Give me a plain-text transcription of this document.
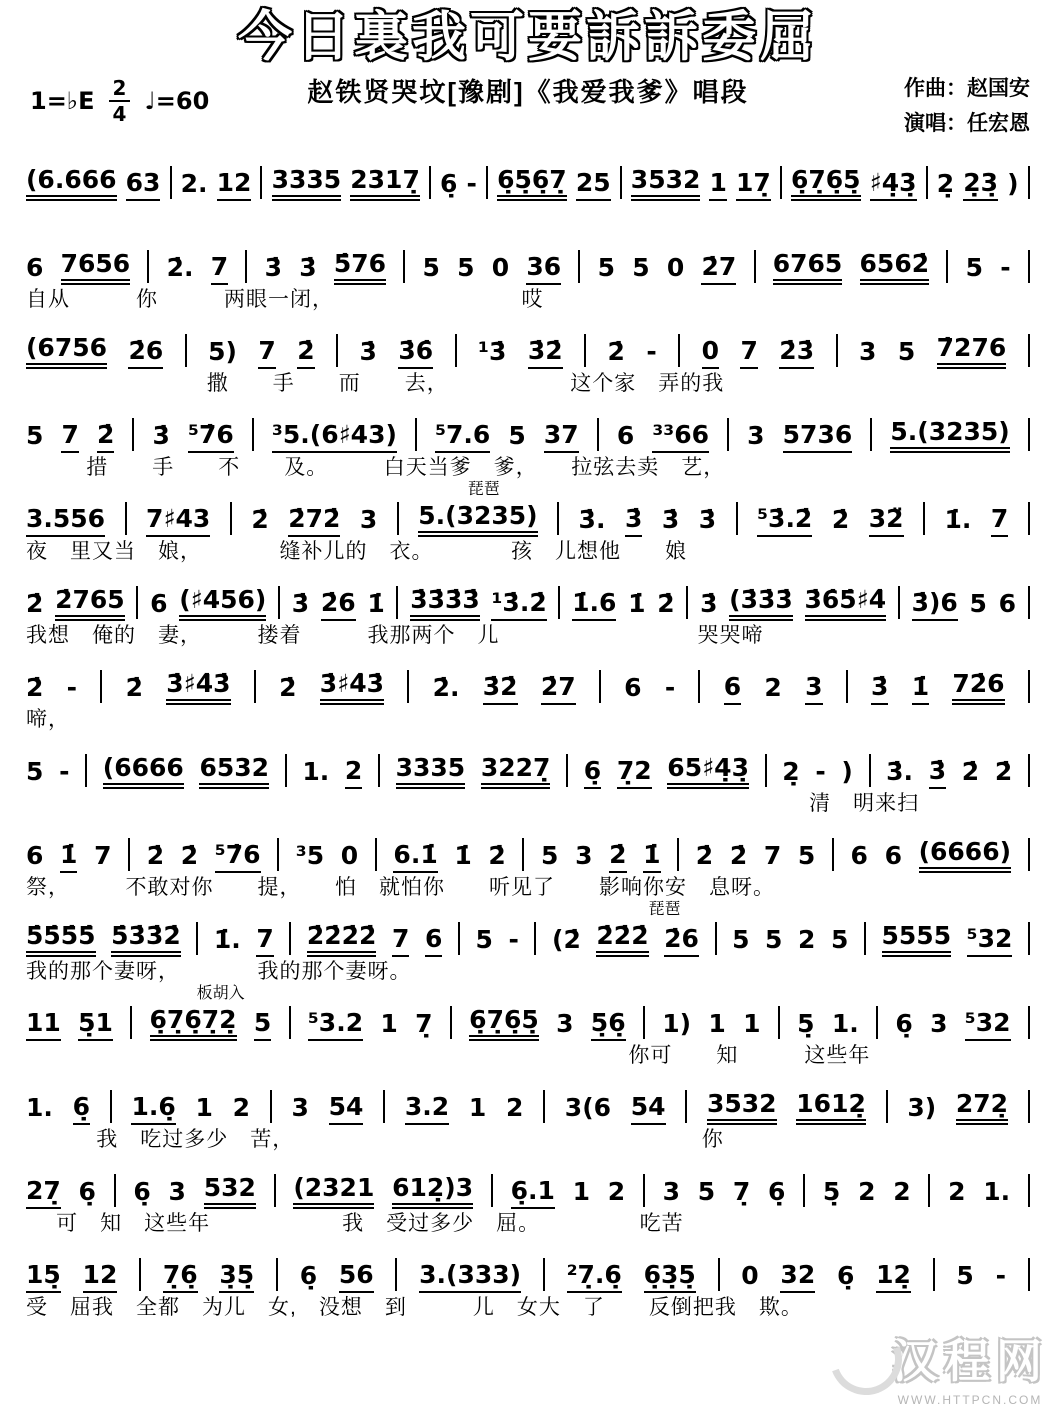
今日裏我可要訴訴委屈
赵铁贤哭坟[豫剧]《我爱我爹》唱段
1=♭E $\frac{2}{4}$ ♩=60	作曲：赵国安
演唱：任宏恩
(6.666 63 2. 12 3335 2317̣ 6̣ - 6̣5̣6̣7̣ 25 3532 1 17̣ 6̣7̣6̣5̣ ♯4̣3̣ 2̣ 2̣3̣ )
6 7656 2̇. 7 3̇ 3̇ 5̇76 5 5 0 36 5 5 0 2̇7 6765 6562̇ 5 -
自从　　　你　　　两眼一闭，　　　　　　　　　哎
(6756 2̇6 5) 7 2̇ 3̇ 3̇6̇ ¹3̇ 3̇2̇ 2̇ - 0 7 2̇3̇ 3 5 7̇276
撒　　手　　而　　去，　　　　　　这个家　弄的我
5 7 2̇ 3̇ ⁵7̇6 ³5.(6♯43) ⁵7.6 5 37 6 ³³66 3 5736 5.(3235)
措　　手　　不　　及。　　　白天当爹　爹，　　拉弦去卖　艺，
琵琶
3.556 7♯43 2̇ 2̇72̇ 3 5.(3235) 3̇. 3̇ 3̇ 3̇ ⁵3̇.2̇ 2̇ 32̈ 1̇. 7
夜　里又当　娘，　　　　缝补儿的　衣。　　　　孩　儿想他　　娘
2̇ 2̇765 6 (♯456) 3̇ 2̇6 1̇ 3̇3̇3̇3̇ ¹3̇.2̇ 1̇.6 1̇ 2̇ 3̇ (3̇3̇3̇ 3̇6̇5̇♯4̇ 3̇)6 5 6
我想　俺的　妻，　　　搂着　　　我那两个　儿　　　　　　　　　哭哭啼
2̇ - 2̇ 3̇♯4̇3̇ 2̇ 3̇♯4̇3̇ 2̇. 3̇2̇ 2̇7 6 - 6 2 3 3̇ 1̇ 72̇6
啼，
5 - (6666 6532 1. 2 3335 3227̣ 6̣ 7̣2 65♯4̣3̣ 2̣ - ) 3̇. 3̇ 2̇ 2̇
清　明来扫
6 1̇ 7 2̇ 2̇ ⁵7̇6 ³5 0 6.1̇ 1̇ 2̇ 5 3 2̇ 1̇ 2̇ 2̇ 7 5 6 6 (6666)
祭，　　　不敢对你　　提，　　怕　就怕你　　听见了　　影响你安　息呀。
琵琶
5̇5̇5̇5̇ 5̇3̇3̇2̇ 1̇. 7 2̇2̇2̇2̇ 7 6 5 - (2̇ 2̇2̇2̇ 2̇6 5 5 2 5 5555 ⁵32
我的那个妻呀，　　　　我的那个妻呀。
板胡入
11 5̣1 6̣7̣6̣7̣2̣ 5 ⁵3.2 1 7̣ 6̣7̣6̣5̣ 3 5̣6̣ 1) 1 1 5̣ 1. 6̣ 3 ⁵32
你可　　知　　　这些年
1. 6̣ 1.6̣ 1 2 3 54 3.2 1 2 3(6 54 3532 1612̣ 3) 272̣
我　吃过多少　苦，　　　　　　　　　　　　　　　　　　　你
27̣ 6̣ 6̣ 3 532 (2321 612̣)3 6̣.1 1 2 3 5 7̣ 6̣ 5̣ 2 2 2 1.
可　知　这些年　　　　　　我　受过多少　屈。　　　　　吃苦
15̣ 12 7̣6̣ 3̣5̣ 6̣ 56 3.(333) ²7̣.6̣ 6̣3̣5̣ 0 32 6̣ 12̣ 5 -
受　屈我　全都　为儿　女,　没想　到　　　儿　女大　了　　反倒把我　欺。
汉程网
WWW.HTTPCN.COM
